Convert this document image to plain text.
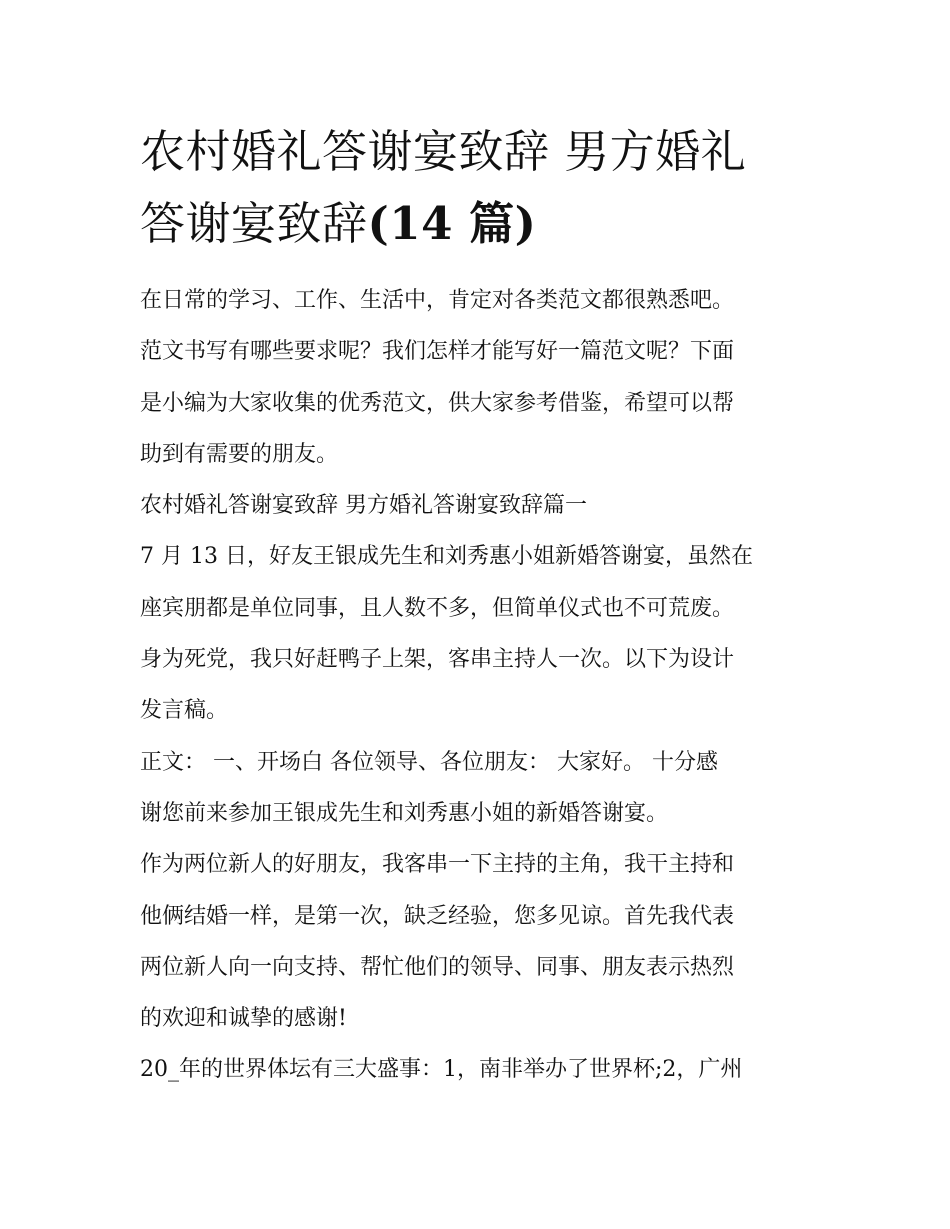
农村婚礼答谢宴致辞 男方婚礼
答谢宴致辞(14 篇)

在日常的学习、工作、生活中，肯定对各类范文都很熟悉吧。

范文书写有哪些要求呢？我们怎样才能写好一篇范文呢？下面

是小编为大家收集的优秀范文，供大家参考借鉴，希望可以帮

助到有需要的朋友。

农村婚礼答谢宴致辞 男方婚礼答谢宴致辞篇一

7 月 13 日，好友王银成先生和刘秀惠小姐新婚答谢宴，虽然在

座宾朋都是单位同事，且人数不多，但简单仪式也不可荒废。

身为死党，我只好赶鸭子上架，客串主持人一次。以下为设计

发言稿。

正文： 一、开场白 各位领导、各位朋友： 大家好。 十分感

谢您前来参加王银成先生和刘秀惠小姐的新婚答谢宴。

作为两位新人的好朋友，我客串一下主持的主角，我干主持和

他俩结婚一样，是第一次，缺乏经验，您多见谅。首先我代表

两位新人向一向支持、帮忙他们的领导、同事、朋友表示热烈

的欢迎和诚挚的感谢!

20_年的世界体坛有三大盛事：1，南非举办了世界杯;2，广州
